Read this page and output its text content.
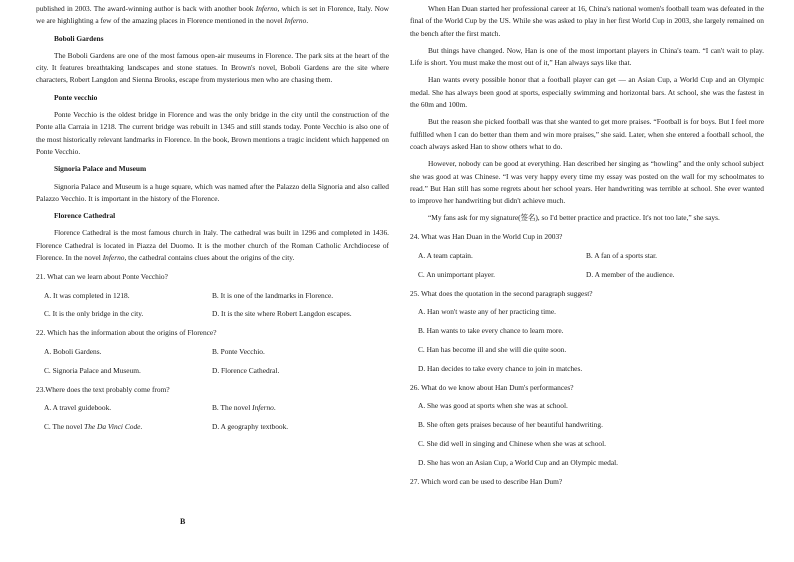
published in 2003. The award-winning author is back with another book Inferno, which is set in Florence, Italy. Now we are highlighting a few of the amazing places in Florence mentioned in the novel Inferno.

Boboli Gardens

The Boboli Gardens are one of the most famous open-air museums in Florence. The park sits at the heart of the city. It features breathtaking landscapes and stone statues. In Brown's novel, Boboli Gardens are the site where characters, Robert Langdon and Sienna Brooks, escape from mysterious men who are chasing them.

Ponte vecchio

Ponte Vecchio is the oldest bridge in Florence and was the only bridge in the city until the construction of the Ponte alla Carraia in 1218. The current bridge was rebuilt in 1345 and still stands today. Ponte Vecchio is also one of the most historically relevant landmarks in Florence. In the book, Brown mentions a tragic incident which happened on Ponte Vecchio.

Signoria Palace and Museum

Signoria Palace and Museum is a huge square, which was named after the Palazzo della Signoria and also called Palazzo Vecchio. It is important in the history of the Florence.

Florence Cathedral

Florence Cathedral is the most famous church in Italy. The cathedral was built in 1296 and completed in 1436. Florence Cathedral is located in Piazza del Duomo. It is the mother church of the Roman Catholic Archdiocese of Florence. In the novel Inferno, the cathedral contains clues about the origins of the city.

21. What can we learn about Ponte Vecchio?

A. It was completed in 1218.	B. It is one of the landmarks in Florence.
C. It is the only bridge in the city.	D. It is the site where Robert Langdon escapes.

22. Which has the information about the origins of Florence?

A. Boboli Gardens.	B. Ponte Vecchio.
C. Signoria Palace and Museum.	D. Florence Cathedral.

23.Where does the text probably come from?

A. A travel guidebook.	B. The novel Inferno.
C. The novel The Da Vinci Code.	D. A geography textbook.
B

When Han Duan started her professional career at 16, China's national women's football team was defeated in the final of the World Cup by the US. While she was asked to play in her first World Cup in 2003, she largely remained on the bench after the first match.

But things have changed. Now, Han is one of the most important players in China's team. “I can't wait to play. Life is short. You must make the most out of it,” Han always says like that.

Han wants every possible honor that a football player can get — an Asian Cup, a World Cup and an Olympic medal. She has always been good at sports, especially swimming and horizontal bars. At school, she was the fastest in the 60m and 100m.

But the reason she picked football was that she wanted to get more praises. “Football is for boys. But I feel more fulfilled when I can do better than them and win more praises,” she said. Later, when she entered a football school, the coach always asked Han to show others what to do.

However, nobody can be good at everything. Han described her singing as “howling” and the only school subject she was good at was Chinese. “I was very happy every time my essay was posted on the wall for my schoolmates to read.” But Han still has some regrets about her school years. Her handwriting was terrible at school. She ever wanted to improve her handwriting but didn't achieve much.

“My fans ask for my signature(签名), so I'd better practice and practice. It's not too late,” she says.

24. What was Han Duan in the World Cup in 2003?

A. A team captain.	B. A fan of a sports star.
C. An unimportant player.	D. A member of the audience.

25. What does the quotation in the second paragraph suggest?

A. Han won't waste any of her practicing time.

B. Han wants to take every chance to learn more.

C. Han has become ill and she will die quite soon.

D. Han decides to take every chance to join in matches.

26. What do we know about Han Dum's performances?

A. She was good at sports when she was at school.

B. She often gets praises because of her beautiful handwriting.

C. She did well in singing and Chinese when she was at school.

D. She has won an Asian Cup, a World Cup and an Olympic medal.

27. Which word can be used to describe Han Dum?
